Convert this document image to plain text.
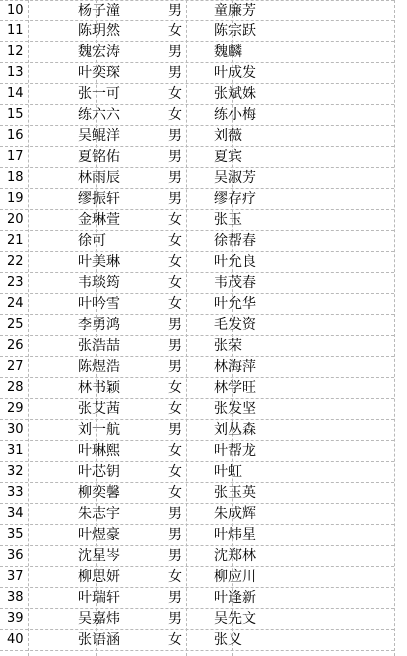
10	杨子潼	男	童廉芳
11	陈玥然	女	陈宗跃
12	魏宏涛	男	魏麟
13	叶奕琛	男	叶成发
14	张一可	女	张斌姝
15	练六六	女	练小梅
16	吴鲲洋	男	刘薇
17	夏铭佑	男	夏宾
18	林雨辰	男	吴淑芳
19	缪振轩	男	缪存疗
20	金琳萱	女	张玉
21	徐可	女	徐帮春
22	叶美琳	女	叶允良
23	韦琰筠	女	韦茂春
24	叶吟雪	女	叶允华
25	李勇鸿	男	毛发资
26	张浩喆	男	张荣
27	陈煜浩	男	林海萍
28	林书颖	女	林学旺
29	张艾茜	女	张发坚
30	刘一航	男	刘丛森
31	叶琳熙	女	叶帮龙
32	叶芯钥	女	叶虹
33	柳奕馨	女	张玉英
34	朱志宇	男	朱成辉
35	叶煜豪	男	叶炜星
36	沈星岑	男	沈郑林
37	柳思妍	女	柳应川
38	叶瑞轩	男	叶逢新
39	吴嘉炜	男	吴先文
40	张语涵	女	张义
